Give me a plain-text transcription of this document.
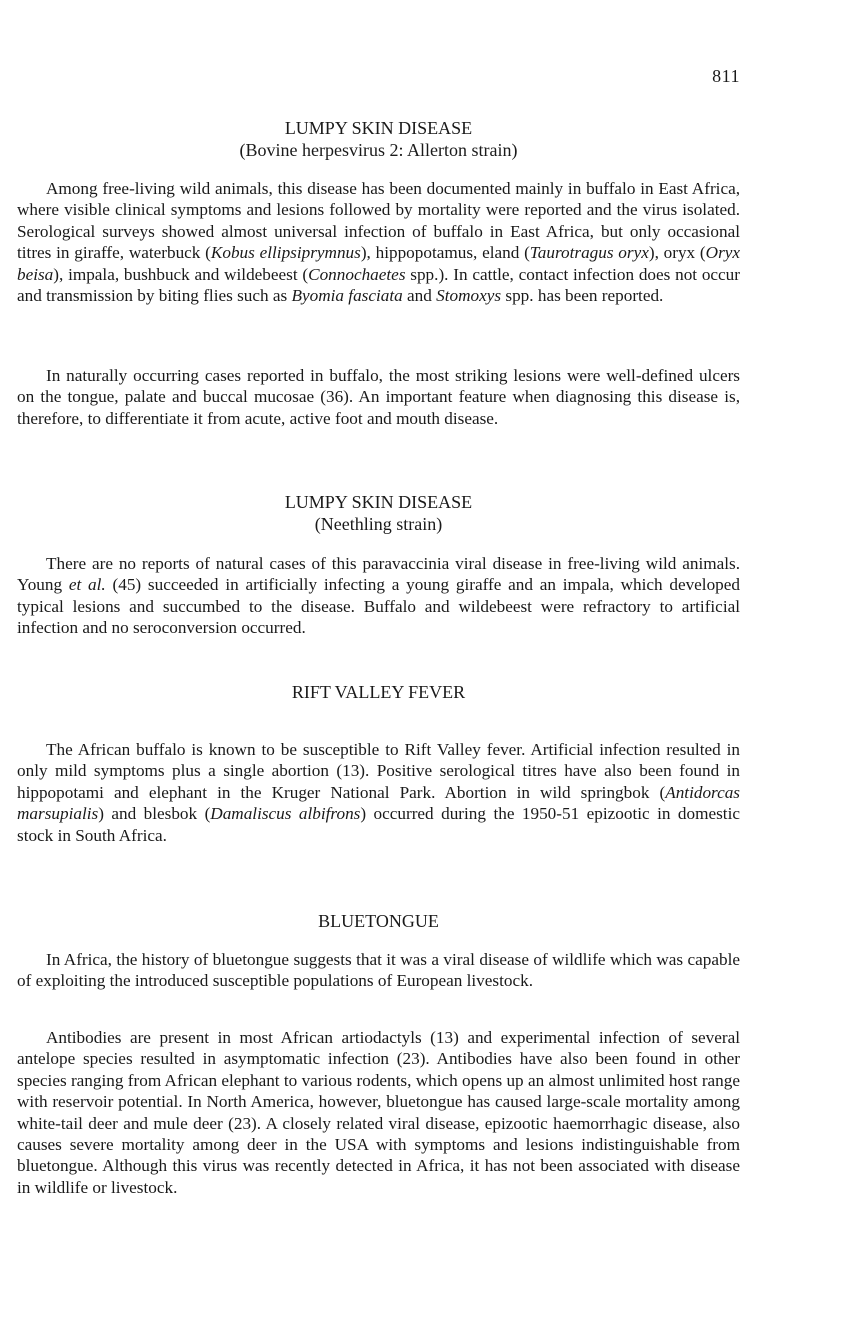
811
LUMPY SKIN DISEASE
(Bovine herpesvirus 2: Allerton strain)

Among free-living wild animals, this disease has been documented mainly in buffalo in East Africa, where visible clinical symptoms and lesions followed by mortality were reported and the virus isolated. Serological surveys showed almost universal infection of buffalo in East Africa, but only occasional titres in giraffe, waterbuck (Kobus ellipsiprymnus), hippopotamus, eland (Taurotragus oryx), oryx (Oryx beisa), impala, bushbuck and wildebeest (Connochaetes spp.). In cattle, contact infection does not occur and transmission by biting flies such as Byomia fasciata and Stomoxys spp. has been reported.

In naturally occurring cases reported in buffalo, the most striking lesions were well-defined ulcers on the tongue, palate and buccal mucosae (36). An important feature when diagnosing this disease is, therefore, to differentiate it from acute, active foot and mouth disease.

LUMPY SKIN DISEASE
(Neethling strain)

There are no reports of natural cases of this paravaccinia viral disease in free-living wild animals. Young et al. (45) succeeded in artificially infecting a young giraffe and an impala, which developed typical lesions and succumbed to the disease. Buffalo and wildebeest were refractory to artificial infection and no seroconversion occurred.

RIFT VALLEY FEVER

The African buffalo is known to be susceptible to Rift Valley fever. Artificial infection resulted in only mild symptoms plus a single abortion (13). Positive serological titres have also been found in hippopotami and elephant in the Kruger National Park. Abortion in wild springbok (Antidorcas marsupialis) and blesbok (Damaliscus albifrons) occurred during the 1950-51 epizootic in domestic stock in South Africa.

BLUETONGUE

In Africa, the history of bluetongue suggests that it was a viral disease of wildlife which was capable of exploiting the introduced susceptible populations of European livestock.

Antibodies are present in most African artiodactyls (13) and experimental infection of several antelope species resulted in asymptomatic infection (23). Antibodies have also been found in other species ranging from African elephant to various rodents, which opens up an almost unlimited host range with reservoir potential. In North America, however, bluetongue has caused large-scale mortality among white-tail deer and mule deer (23). A closely related viral disease, epizootic haemorrhagic disease, also causes severe mortality among deer in the USA with symptoms and lesions indistinguishable from bluetongue. Although this virus was recently detected in Africa, it has not been associated with disease in wildlife or livestock.
